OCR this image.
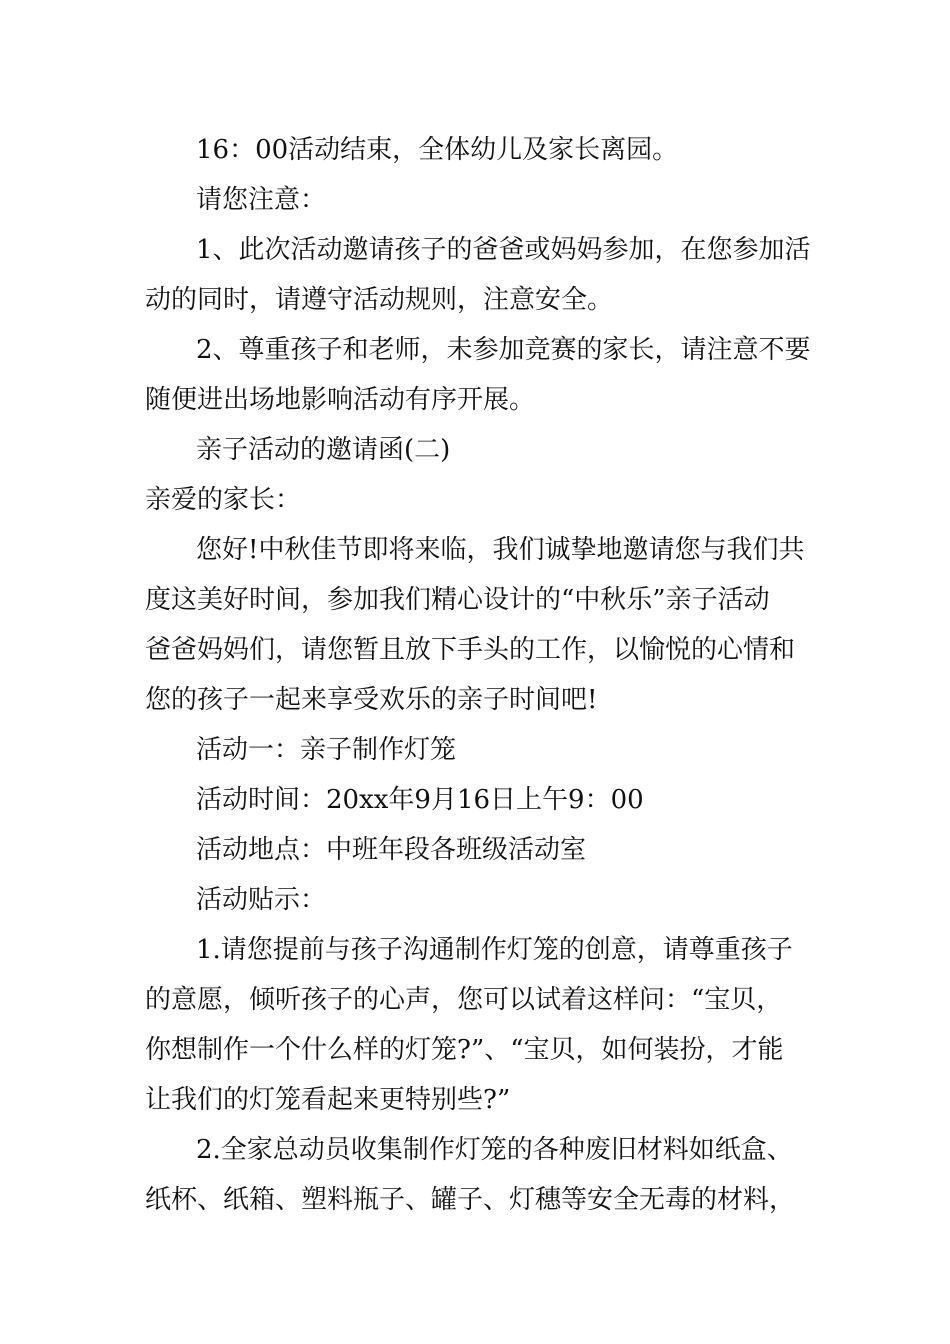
16：00活动结束，全体幼儿及家长离园。
请您注意：
1、此次活动邀请孩子的爸爸或妈妈参加，在您参加活
动的同时，请遵守活动规则，注意安全。
2、尊重孩子和老师，未参加竞赛的家长，请注意不要
随便进出场地影响活动有序开展。
亲子活动的邀请函(二)
亲爱的家长：
您好!中秋佳节即将来临，我们诚挚地邀请您与我们共
度这美好时间，参加我们精心设计的“中秋乐”亲子活动
爸爸妈妈们，请您暂且放下手头的工作，以愉悦的心情和
您的孩子一起来享受欢乐的亲子时间吧!
活动一：亲子制作灯笼
活动时间：20xx年9月16日上午9：00
活动地点：中班年段各班级活动室
活动贴示：
1.请您提前与孩子沟通制作灯笼的创意，请尊重孩子
的意愿，倾听孩子的心声，您可以试着这样问：“宝贝，
你想制作一个什么样的灯笼?”、“宝贝，如何装扮，才能
让我们的灯笼看起来更特别些?”
2.全家总动员收集制作灯笼的各种废旧材料如纸盒、
纸杯、纸箱、塑料瓶子、罐子、灯穗等安全无毒的材料，
